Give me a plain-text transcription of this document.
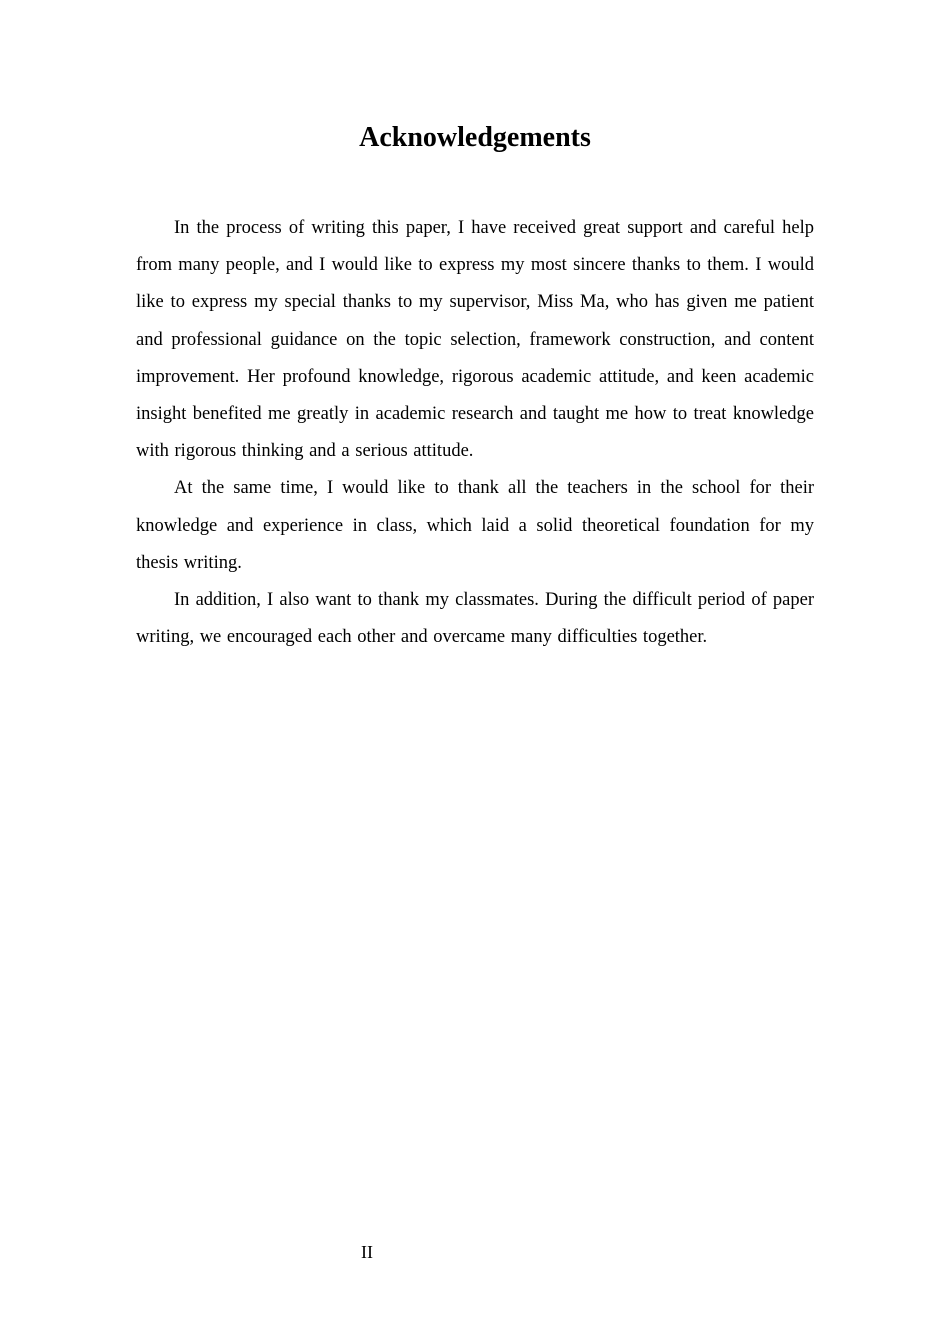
Acknowledgements

In the process of writing this paper, I have received great support and careful help from many people, and I would like to express my most sincere thanks to them. I would like to express my special thanks to my supervisor, Miss Ma, who has given me patient and professional guidance on the topic selection, framework construction, and content improvement. Her profound knowledge, rigorous academic attitude, and keen academic insight benefited me greatly in academic research and taught me how to treat knowledge with rigorous thinking and a serious attitude.

At the same time, I would like to thank all the teachers in the school for their knowledge and experience in class, which laid a solid theoretical foundation for my thesis writing.

In addition, I also want to thank my classmates. During the difficult period of paper writing, we encouraged each other and overcame many difficulties together.

II
